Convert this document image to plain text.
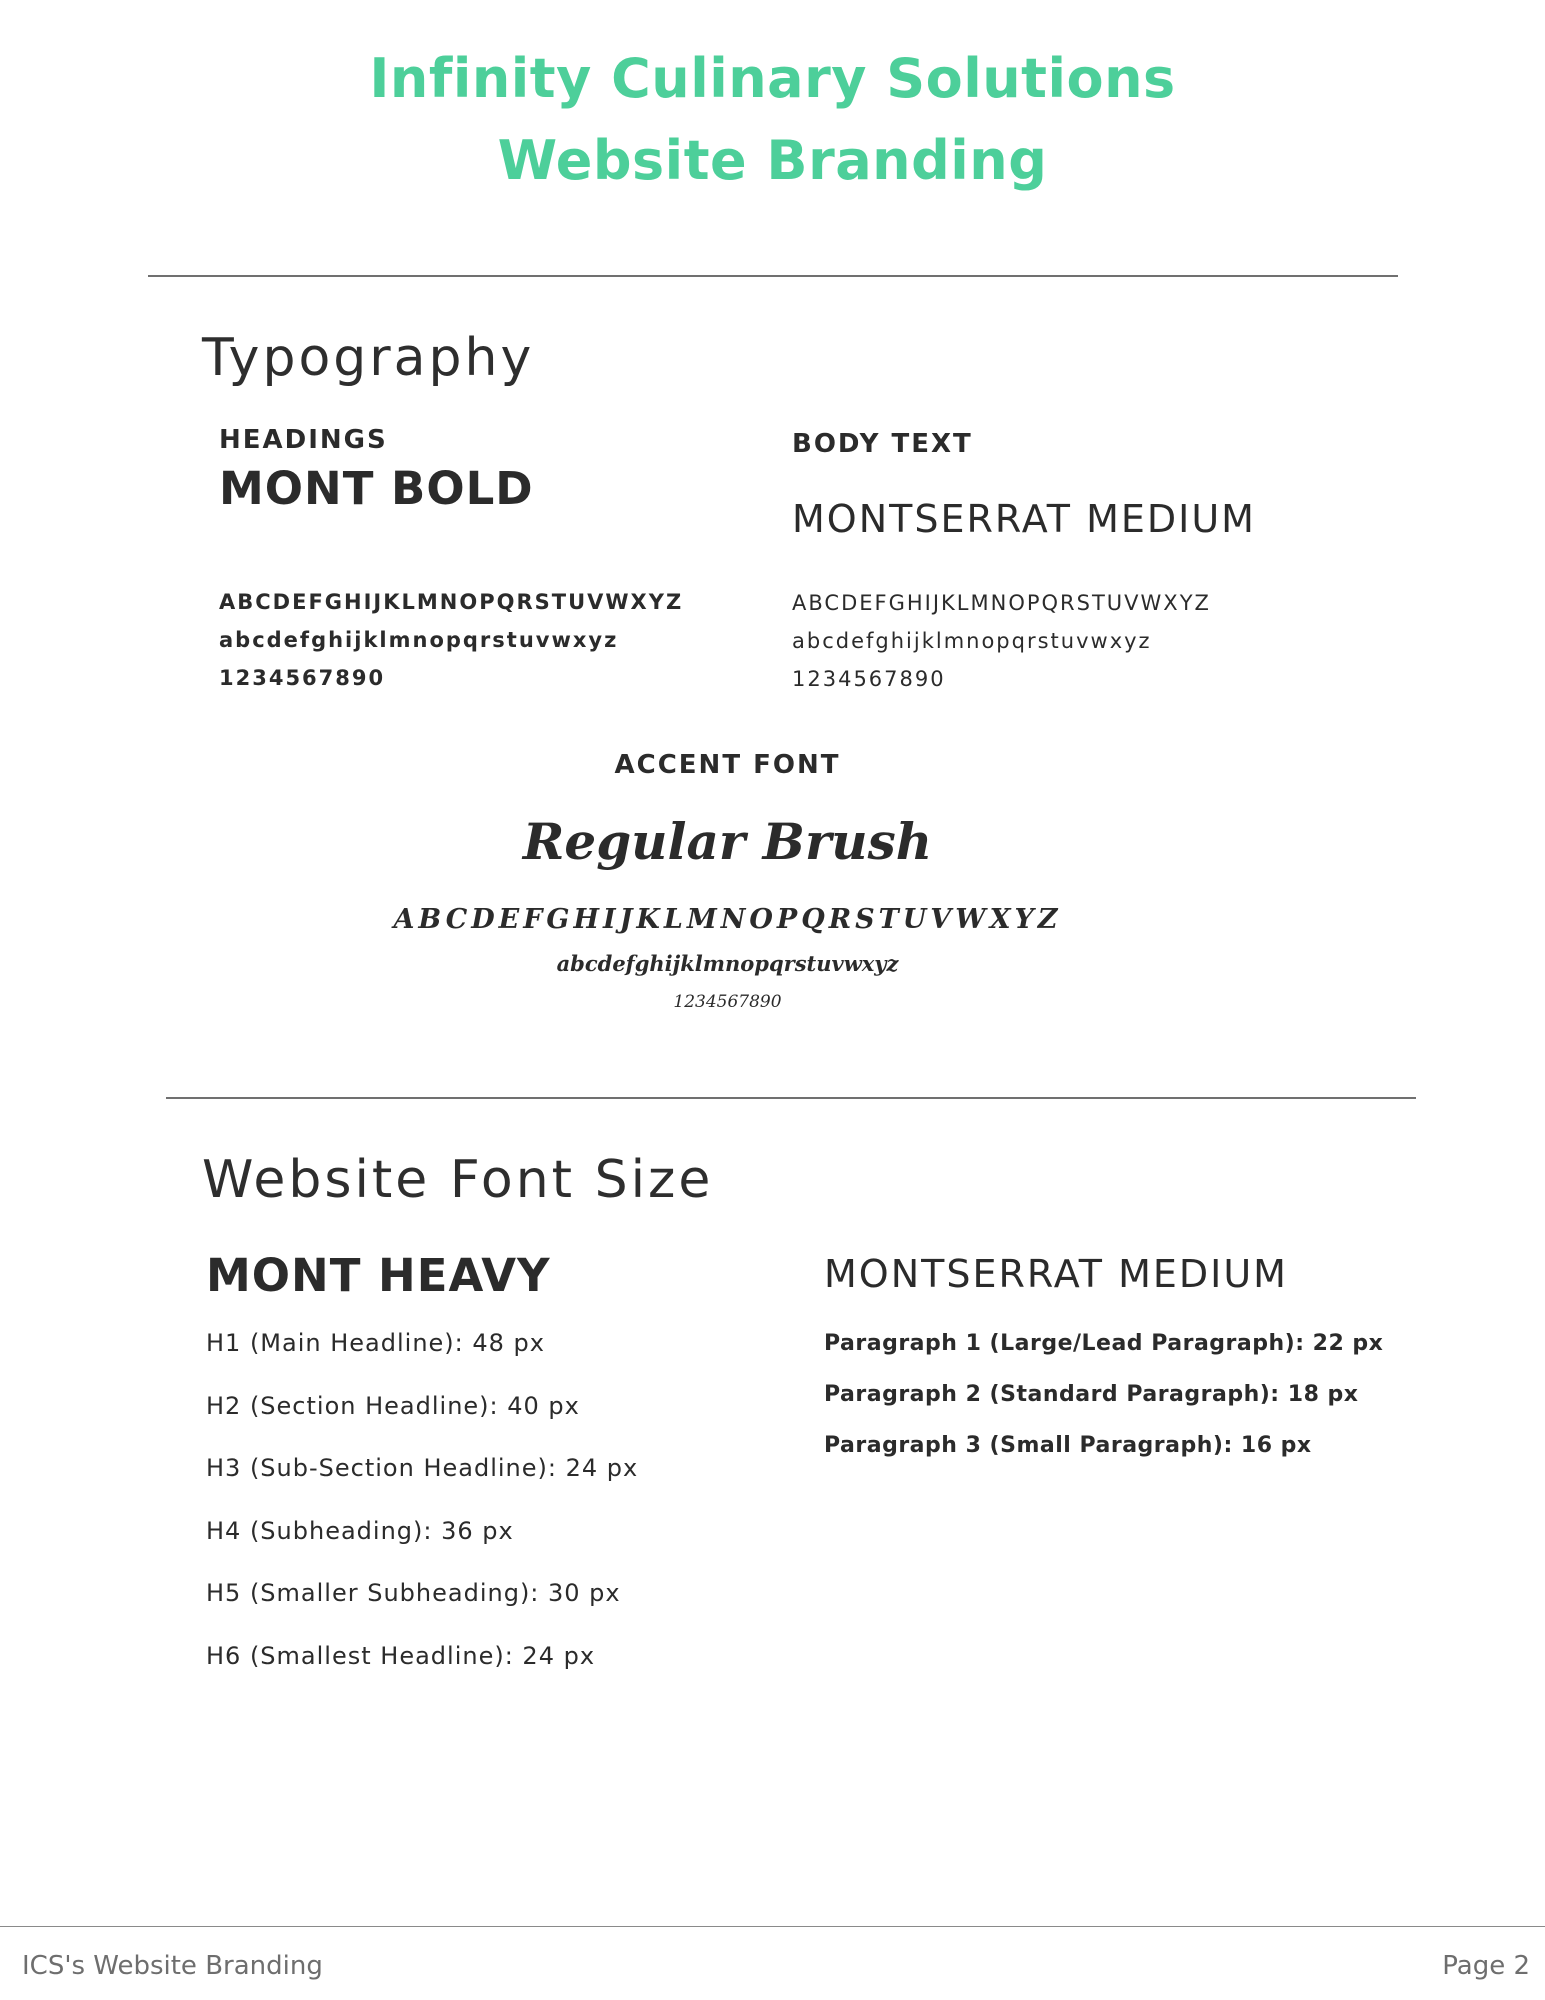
Infinity Culinary Solutions
Website Branding
Typography
HEADINGS
MONT BOLD
ABCDEFGHIJKLMNOPQRSTUVWXYZ
abcdefghijklmnopqrstuvwxyz
1234567890
BODY TEXT
MONTSERRAT MEDIUM
ABCDEFGHIJKLMNOPQRSTUVWXYZ
abcdefghijklmnopqrstuvwxyz
1234567890
ACCENT FONT
Regular Brush
ABCDEFGHIJKLMNOPQRSTUVWXYZ
abcdefghijklmnopqrstuvwxyz
1234567890
Website Font Size
MONT HEAVY
H1 (Main Headline): 48 px
H2 (Section Headline): 40 px
H3 (Sub-Section Headline): 24 px
H4 (Subheading): 36 px
H5 (Smaller Subheading): 30 px
H6 (Smallest Headline): 24 px
MONTSERRAT MEDIUM
Paragraph 1 (Large/Lead Paragraph): 22 px
Paragraph 2 (Standard Paragraph): 18 px
Paragraph 3 (Small Paragraph): 16 px
ICS's Website Branding	Page 2
